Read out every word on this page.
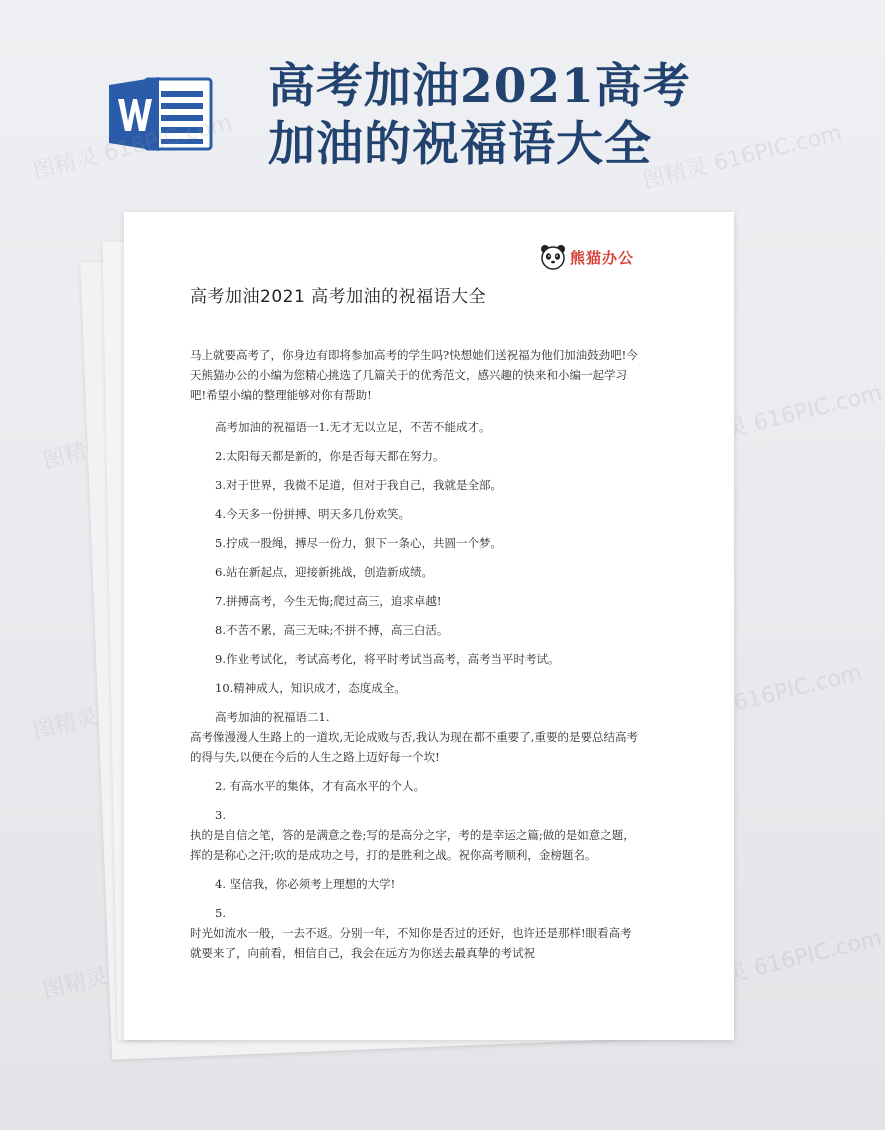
高考加油2021高考加油的祝福语大全
图精灵 616PIC.com	图精灵 616PIC.com
图精灵	图精灵 616PIC.com
图精灵	图精灵 616PIC.com
图精灵	图精灵 616PIC.com
熊猫办公
高考加油2021 高考加油的祝福语大全

马上就要高考了，你身边有即将参加高考的学生吗?快想她们送祝福为他们加油鼓劲吧!今天熊猫办公的小编为您精心挑选了几篇关于的优秀范文，感兴趣的快来和小编一起学习吧!希望小编的整理能够对你有帮助!

高考加油的祝福语一1.无才无以立足，不苦不能成才。

2.太阳每天都是新的，你是否每天都在努力。

3.对于世界，我微不足道，但对于我自己，我就是全部。

4.今天多一份拼搏、明天多几份欢笑。

5.拧成一股绳，搏尽一份力，狠下一条心，共圆一个梦。

6.站在新起点，迎接新挑战，创造新成绩。

7.拼搏高考，今生无悔;爬过高三，追求卓越!

8.不苦不累，高三无味;不拼不搏，高三白活。

9.作业考试化，考试高考化，将平时考试当高考，高考当平时考试。

10.精神成人，知识成才，态度成全。

高考加油的祝福语二1.

高考像漫漫人生路上的一道坎,无论成败与否,我认为现在都不重要了,重要的是要总结高考的得与失,以便在今后的人生之路上迈好每一个坎!

2. 有高水平的集体，才有高水平的个人。

3.

执的是自信之笔，答的是满意之卷;写的是高分之字，考的是幸运之篇;做的是如意之题，挥的是称心之汗;吹的是成功之号，打的是胜利之战。祝你高考顺利，金榜题名。

4. 坚信我，你必须考上理想的大学!

5.

时光如流水一般，一去不返。分别一年，不知你是否过的还好，也许还是那样!眼看高考就要来了，向前看，相信自己，我会在远方为你送去最真挚的考试祝
